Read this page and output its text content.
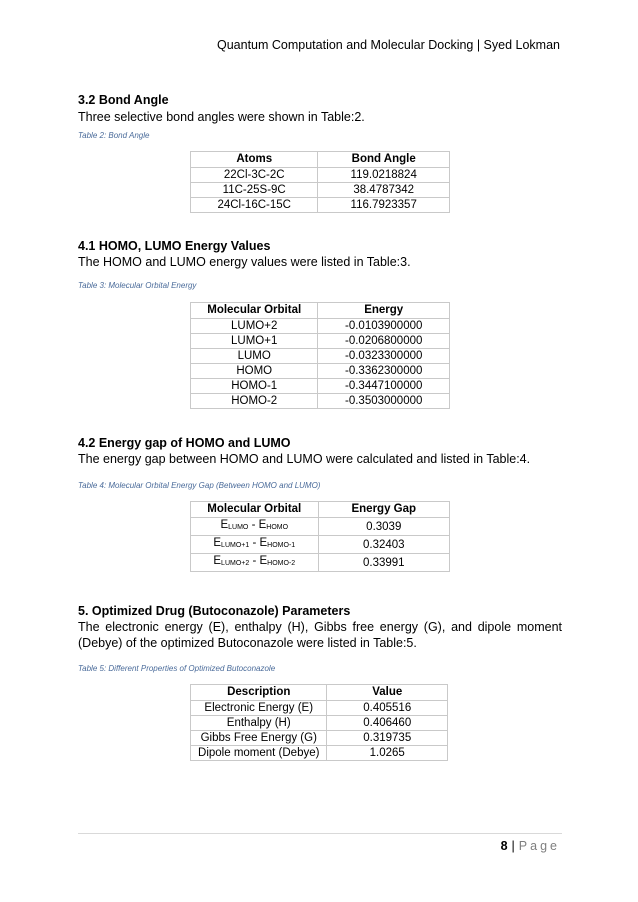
Quantum Computation and Molecular Docking | Syed Lokman
3.2 Bond Angle
Three selective bond angles were shown in Table:2.
Table 2: Bond Angle
Atoms	Bond Angle
22Cl-3C-2C	119.0218824
11C-25S-9C	38.4787342
24Cl-16C-15C	116.7923357
4.1 HOMO, LUMO Energy Values
The HOMO and LUMO energy values were listed in Table:3.
Table 3: Molecular Orbital Energy
Molecular Orbital	Energy
LUMO+2	-0.0103900000
LUMO+1	-0.0206800000
LUMO	-0.0323300000
HOMO	-0.3362300000
HOMO-1	-0.3447100000
HOMO-2	-0.3503000000
4.2 Energy gap of HOMO and LUMO
The energy gap between HOMO and LUMO were calculated and listed in Table:4.
Table 4: Molecular Orbital Energy Gap (Between HOMO and LUMO)
Molecular Orbital	Energy Gap
$E_{LUMO} - E_{HOMO}$	0.3039
$E_{LUMO+1} - E_{HOMO-1}$	0.32403
$E_{LUMO+2} - E_{HOMO-2}$	0.33991
5. Optimized Drug (Butoconazole) Parameters
The electronic energy (E), enthalpy (H), Gibbs free energy (G), and dipole moment (Debye) of the optimized Butoconazole were listed in Table:5.
Table 5: Different Properties of Optimized Butoconazole
Description	Value
Electronic Energy (E)	0.405516
Enthalpy (H)	0.406460
Gibbs Free Energy (G)	0.319735
Dipole moment (Debye)	1.0265
8 | Page
